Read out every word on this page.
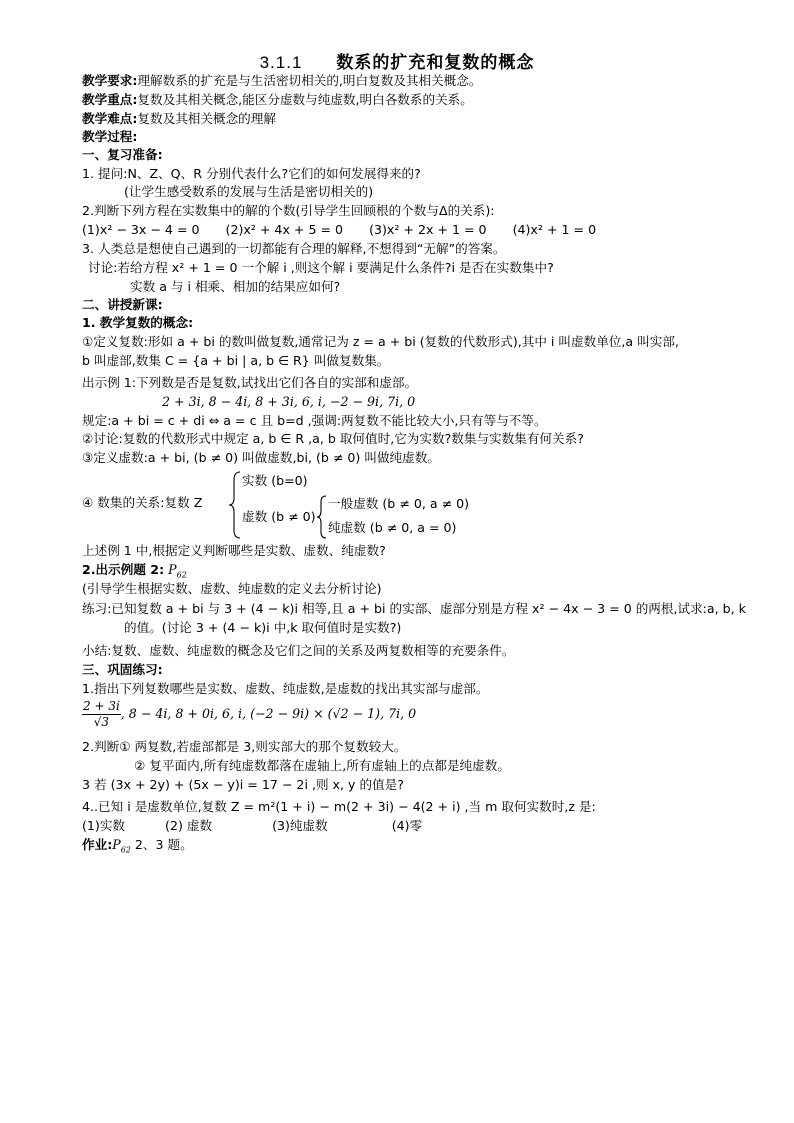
3.1.1 数系的扩充和复数的概念
教学要求:理解数系的扩充是与生活密切相关的,明白复数及其相关概念。
教学重点:复数及其相关概念,能区分虚数与纯虚数,明白各数系的关系。
教学难点:复数及其相关概念的理解
教学过程:
一、复习准备:
1. 提问:N、Z、Q、R 分别代表什么?它们的如何发展得来的?
(让学生感受数系的发展与生活是密切相关的)
2.判断下列方程在实数集中的解的个数(引导学生回顾根的个数与Δ的关系):
(1)x² − 3x − 4 = 0 (2)x² + 4x + 5 = 0 (3)x² + 2x + 1 = 0 (4)x² + 1 = 0
3. 人类总是想使自己遇到的一切都能有合理的解释,不想得到“无解”的答案。
讨论:若给方程 x² + 1 = 0 一个解 i ,则这个解 i 要满足什么条件?i 是否在实数集中?
实数 a 与 i 相乘、相加的结果应如何?
二、讲授新课:
1. 教学复数的概念:
①定义复数:形如 a + bi 的数叫做复数,通常记为 z = a + bi (复数的代数形式),其中 i 叫虚数单位,a 叫实部,
b 叫虚部,数集 C = {a + bi | a, b ∈ R} 叫做复数集。
出示例 1:下列数是否是复数,试找出它们各自的实部和虚部。
2 + 3i, 8 − 4i, 8 + 3i, 6, i, −2 − 9i, 7i, 0
规定:a + bi = c + di ⇔ a = c 且 b=d ,强调:两复数不能比较大小,只有等与不等。
②讨论:复数的代数形式中规定 a, b ∈ R ,a, b 取何值时,它为实数?数集与实数集有何关系?
③定义虚数:a + bi, (b ≠ 0) 叫做虚数,bi, (b ≠ 0) 叫做纯虚数。
④ 数集的关系:复数 Z
实数 (b=0)
虚数 (b ≠ 0)
一般虚数 (b ≠ 0, a ≠ 0)
纯虚数 (b ≠ 0, a = 0)
上述例 1 中,根据定义判断哪些是实数、虚数、纯虚数?
2.出示例题 2: $P_{62}$
(引导学生根据实数、虚数、纯虚数的定义去分析讨论)
练习:已知复数 a + bi 与 3 + (4 − k)i 相等,且 a + bi 的实部、虚部分别是方程 x² − 4x − 3 = 0 的两根,试求:a, b, k
的值。(讨论 3 + (4 − k)i 中,k 取何值时是实数?)
小结:复数、虚数、纯虚数的概念及它们之间的关系及两复数相等的充要条件。
三、巩固练习:
1.指出下列复数哪些是实数、虚数、纯虚数,是虚数的找出其实部与虚部。
$\frac{2 + 3i}{√3}$ , 8 − 4i, 8 + 0i, 6, i, (−2 − 9i) × (√2 − 1), 7i, 0
2.判断① 两复数,若虚部都是 3,则实部大的那个复数较大。
② 复平面内,所有纯虚数都落在虚轴上,所有虚轴上的点都是纯虚数。
3 若 (3x + 2y) + (5x − y)i = 17 − 2i ,则 x, y 的值是?
4..已知 i 是虚数单位,复数 Z = m²(1 + i) − m(2 + 3i) − 4(2 + i) ,当 m 取何实数时,z 是:
(1)实数	(2) 虚数	(3)纯虚数	(4)零
作业$:P_{62}$ 2、3 题。
